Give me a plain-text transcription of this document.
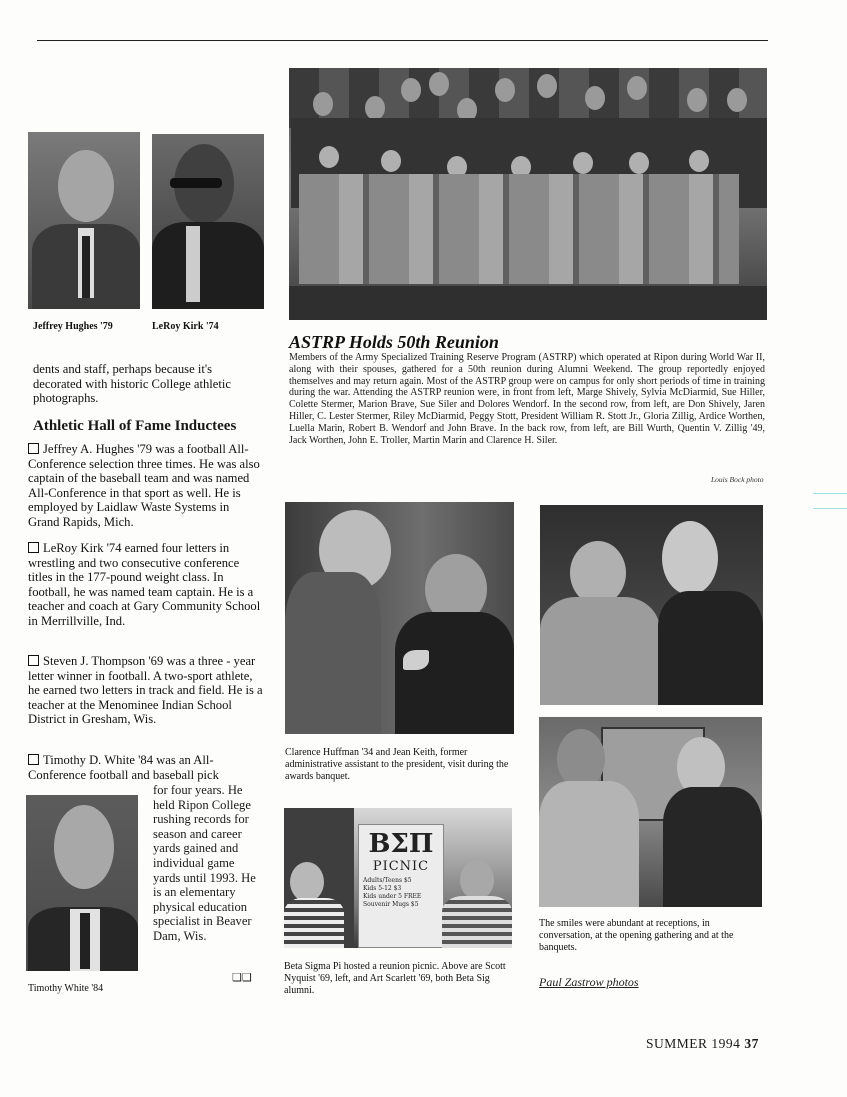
Jeffrey Hughes '79	LeRoy Kirk '74
ASTRP Holds 50th Reunion
Members of the Army Specialized Training Reserve Program (ASTRP) which operated at Ripon during World War II, along with their spouses, gathered for a 50th reunion during Alumni Weekend. The group reportedly enjoyed themselves and may return again. Most of the ASTRP group were on campus for only short periods of time in training during the war. Attending the ASTRP reunion were, in front from left, Marge Shively, Sylvia McDiarmid, Sue Hiller, Colette Stermer, Marion Brave, Sue Siler and Dolores Wendorf. In the second row, from left, are Don Shively, Jaren Hiller, C. Lester Stermer, Riley McDiarmid, Peggy Stott, President William R. Stott Jr., Gloria Zillig, Ardice Worthen, Luella Marin, Robert B. Wendorf and John Brave. In the back row, from left, are Bill Wurth, Quentin V. Zillig '49, Jack Worthen, John E. Troller, Martin Marin and Clarence H. Siler.
Louis Bock photo
dents and staff, perhaps because it's decorated with historic College athletic photographs.
Athletic Hall of Fame Inductees
Jeffrey A. Hughes '79 was a football All-Conference selection three times. He was also captain of the baseball team and was named All-Conference in that sport as well. He is employed by Laidlaw Waste Systems in Grand Rapids, Mich.
LeRoy Kirk '74 earned four letters in wrestling and two consecutive conference titles in the 177-pound weight class. In football, he was named team captain. He is a teacher and coach at Gary Community School in Merrillville, Ind.
Steven J. Thompson '69 was a three - year letter winner in football. A two-sport athlete, he earned two letters in track and field. He is a teacher at the Menominee Indian School District in Gresham, Wis.
Timothy D. White '84 was an All-Conference football and baseball pick
for four years. He held Ripon College rushing records for season and career yards gained and individual game yards until 1993. He is an elementary physical education specialist in Beaver Dam, Wis.
❑❑
Timothy White '84
Clarence Huffman '34 and Jean Keith, former administrative assistant to the president, visit during the awards banquet.
The smiles were abundant at receptions, in conversation, at the opening gathering and at the banquets.
ΒΣΠ
PICNIC
Adults/Teens $5
Kids 5-12 $3
Kids under 5 FREE
Souvenir Mugs $5
Beta Sigma Pi hosted a reunion picnic. Above are Scott Nyquist '69, left, and Art Scarlett '69, both Beta Sig alumni.
Paul Zastrow photos
SUMMER 1994 37
